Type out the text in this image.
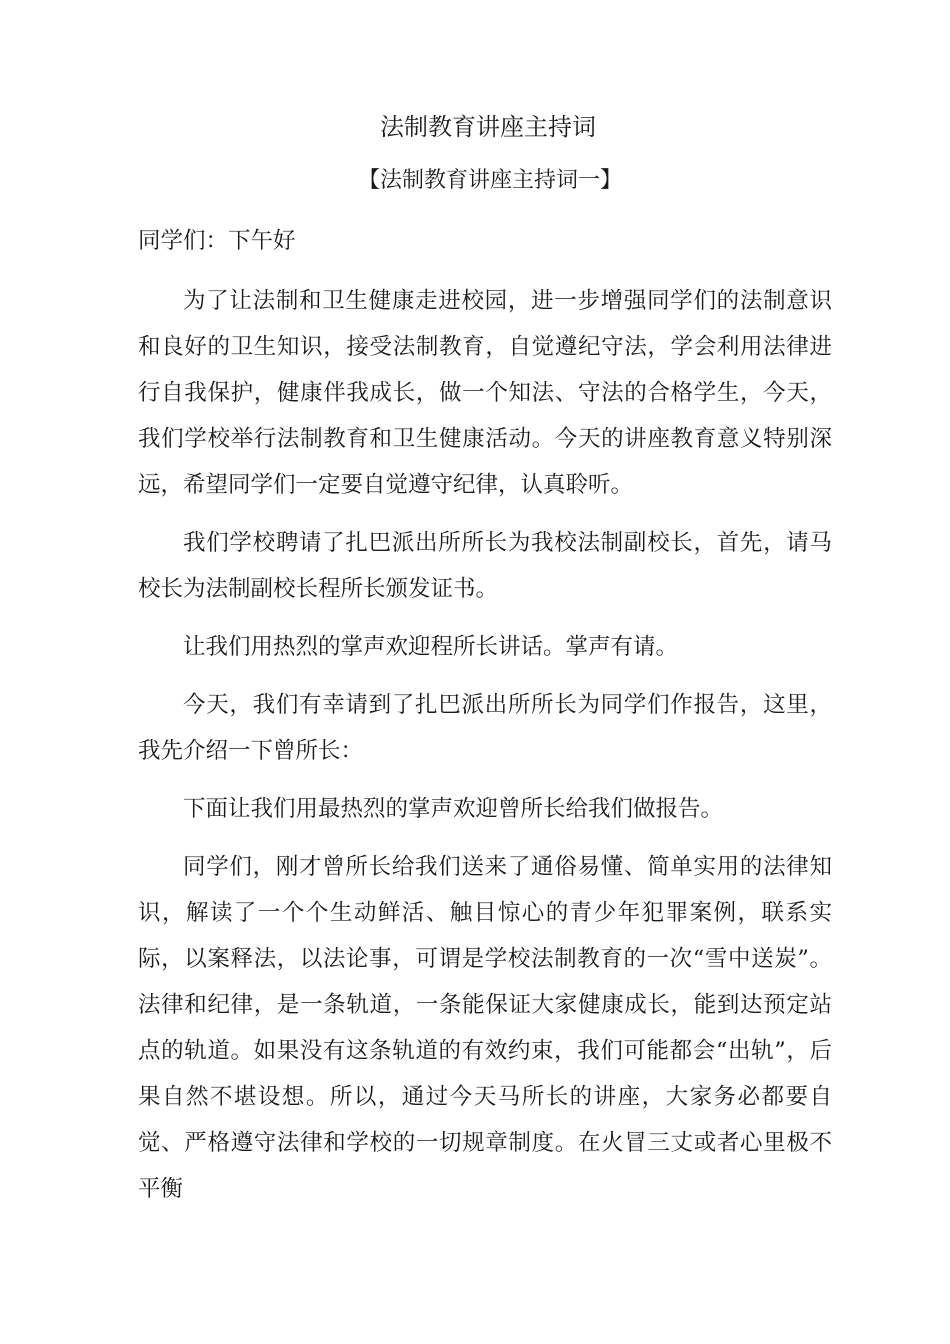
法制教育讲座主持词
【法制教育讲座主持词一】

同学们：下午好

为了让法制和卫生健康走进校园，进一步增强同学们的法制意识和良好的卫生知识，接受法制教育，自觉遵纪守法，学会利用法律进行自我保护，健康伴我成长，做一个知法、守法的合格学生，今天，我们学校举行法制教育和卫生健康活动。今天的讲座教育意义特别深远，希望同学们一定要自觉遵守纪律，认真聆听。

我们学校聘请了扎巴派出所所长为我校法制副校长，首先，请马校长为法制副校长程所长颁发证书。

让我们用热烈的掌声欢迎程所长讲话。掌声有请。

今天，我们有幸请到了扎巴派出所所长为同学们作报告，这里，我先介绍一下曾所长：

下面让我们用最热烈的掌声欢迎曾所长给我们做报告。

同学们，刚才曾所长给我们送来了通俗易懂、简单实用的法律知识，解读了一个个生动鲜活、触目惊心的青少年犯罪案例，联系实际，以案释法，以法论事，可谓是学校法制教育的一次“雪中送炭”。法律和纪律，是一条轨道，一条能保证大家健康成长，能到达预定站点的轨道。如果没有这条轨道的有效约束，我们可能都会“出轨”，后果自然不堪设想。所以，通过今天马所长的讲座，大家务必都要自觉、严格遵守法律和学校的一切规章制度。在火冒三丈或者心里极不平衡
